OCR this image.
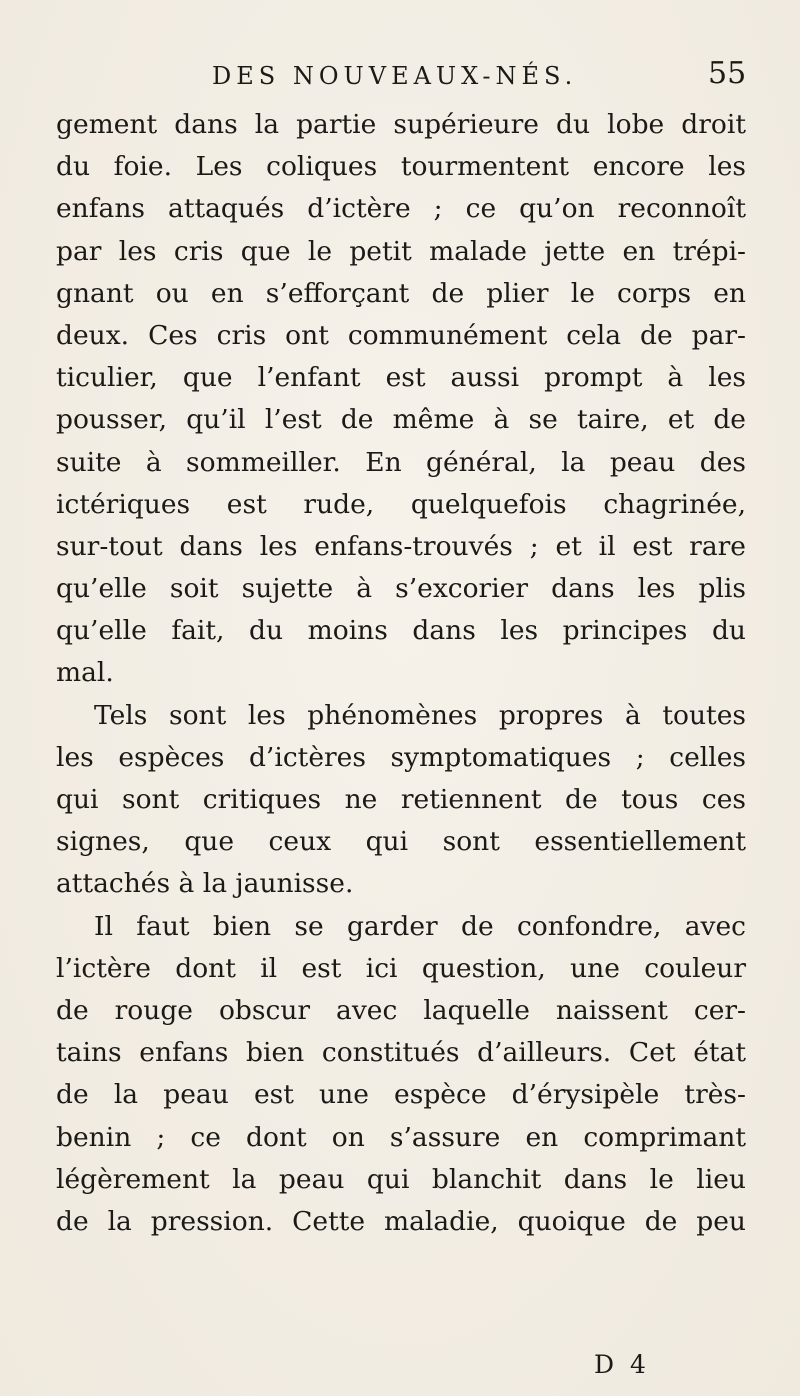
DES NOUVEAUX-NÉS.	55
gement dans la partie supérieure du lobe droit
du foie. Les coliques tourmentent encore les
enfans attaqués d’ictère ; ce qu’on reconnoît
par les cris que le petit malade jette en trépi-
gnant ou en s’efforçant de plier le corps en
deux. Ces cris ont communément cela de par-
ticulier, que l’enfant est aussi prompt à les
pousser, qu’il l’est de même à se taire, et de
suite à sommeiller. En général, la peau des
ictériques est rude, quelquefois chagrinée,
sur-tout dans les enfans-trouvés ; et il est rare
qu’elle soit sujette à s’excorier dans les plis
qu’elle fait, du moins dans les principes du
mal.
Tels sont les phénomènes propres à toutes
les espèces d’ictères symptomatiques ; celles
qui sont critiques ne retiennent de tous ces
signes, que ceux qui sont essentiellement
attachés à la jaunisse.
Il faut bien se garder de confondre, avec
l’ictère dont il est ici question, une couleur
de rouge obscur avec laquelle naissent cer-
tains enfans bien constitués d’ailleurs. Cet état
de la peau est une espèce d’érysipèle très-
benin ; ce dont on s’assure en comprimant
légèrement la peau qui blanchit dans le lieu
de la pression. Cette maladie, quoique de peu
D 4
